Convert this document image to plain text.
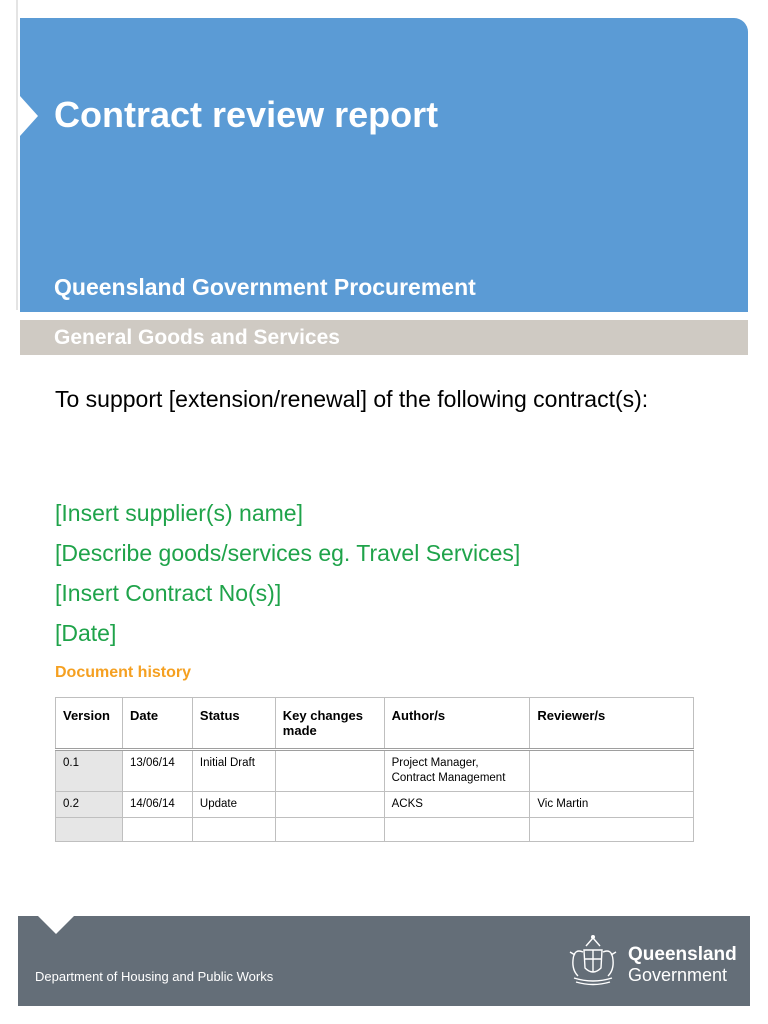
Contract review report
Queensland Government Procurement
General Goods and Services

To support [extension/renewal] of the following contract(s):

[Insert supplier(s) name]
[Describe goods/services eg. Travel Services]
[Insert Contract No(s)]
[Date]
Document history
Version	Date	Status	Key changes made	Author/s	Reviewer/s
0.1	13/06/14	Initial Draft		Project Manager, Contract Management	
0.2	14/06/14	Update		ACKS	Vic Martin

Department of Housing and Public Works
Queensland
Government
